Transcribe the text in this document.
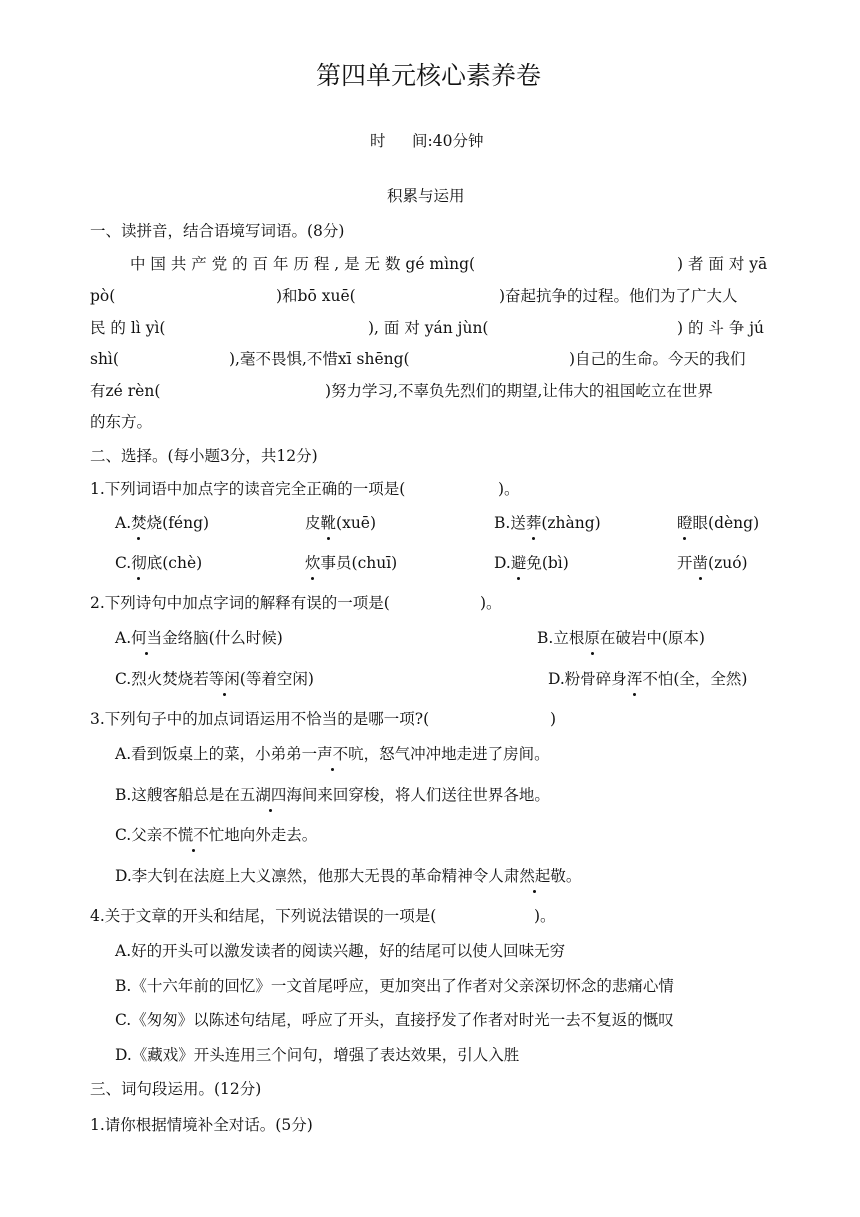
第四单元核心素养卷
时 间:40分钟
积累与运用
一、读拼音，结合语境写词语。(8分)
中 国 共 产 党 的 百 年 历 程 , 是 无 数 gé mìng(	) 者 面 对 yā
pò(	)和bō xuē(	)奋起抗争的过程。他们为了广大人
民 的 lì yì(	), 面 对 yán jùn(	) 的 斗 争 jú
shì(	),毫不畏惧,不惜xī shēng(	)自己的生命。今天的我们
有zé rèn(	)努力学习,不辜负先烈们的期望,让伟大的祖国屹立在世界
的东方。
二、选择。(每小题3分，共12分)
1.下列词语中加点字的读音完全正确的一项是(	)。
A.焚烧(féng)	皮靴(xuē)	B.送葬(zhàng)	瞪眼(dèng)
C.彻底(chè)	炊事员(chuī)	D.避免(bì)	开凿(zuó)
2.下列诗句中加点字词的解释有误的一项是(	)。
A.何当金络脑(什么时候)	B.立根原在破岩中(原本)
C.烈火焚烧若等闲(等着空闲)	D.粉骨碎身浑不怕(全，全然)
3.下列句子中的加点词语运用不恰当的是哪一项?(	)
A.看到饭桌上的菜，小弟弟一声不吭，怒气冲冲地走进了房间。
B.这艘客船总是在五湖四海间来回穿梭，将人们送往世界各地。
C.父亲不慌不忙地向外走去。
D.李大钊在法庭上大义凛然，他那大无畏的革命精神令人肃然起敬。
4.关于文章的开头和结尾，下列说法错误的一项是(	)。
A.好的开头可以激发读者的阅读兴趣，好的结尾可以使人回味无穷
B.《十六年前的回忆》一文首尾呼应，更加突出了作者对父亲深切怀念的悲痛心情
C.《匆匆》以陈述句结尾，呼应了开头，直接抒发了作者对时光一去不复返的慨叹
D.《藏戏》开头连用三个问句，增强了表达效果，引人入胜
三、词句段运用。(12分)
1.请你根据情境补全对话。(5分)
